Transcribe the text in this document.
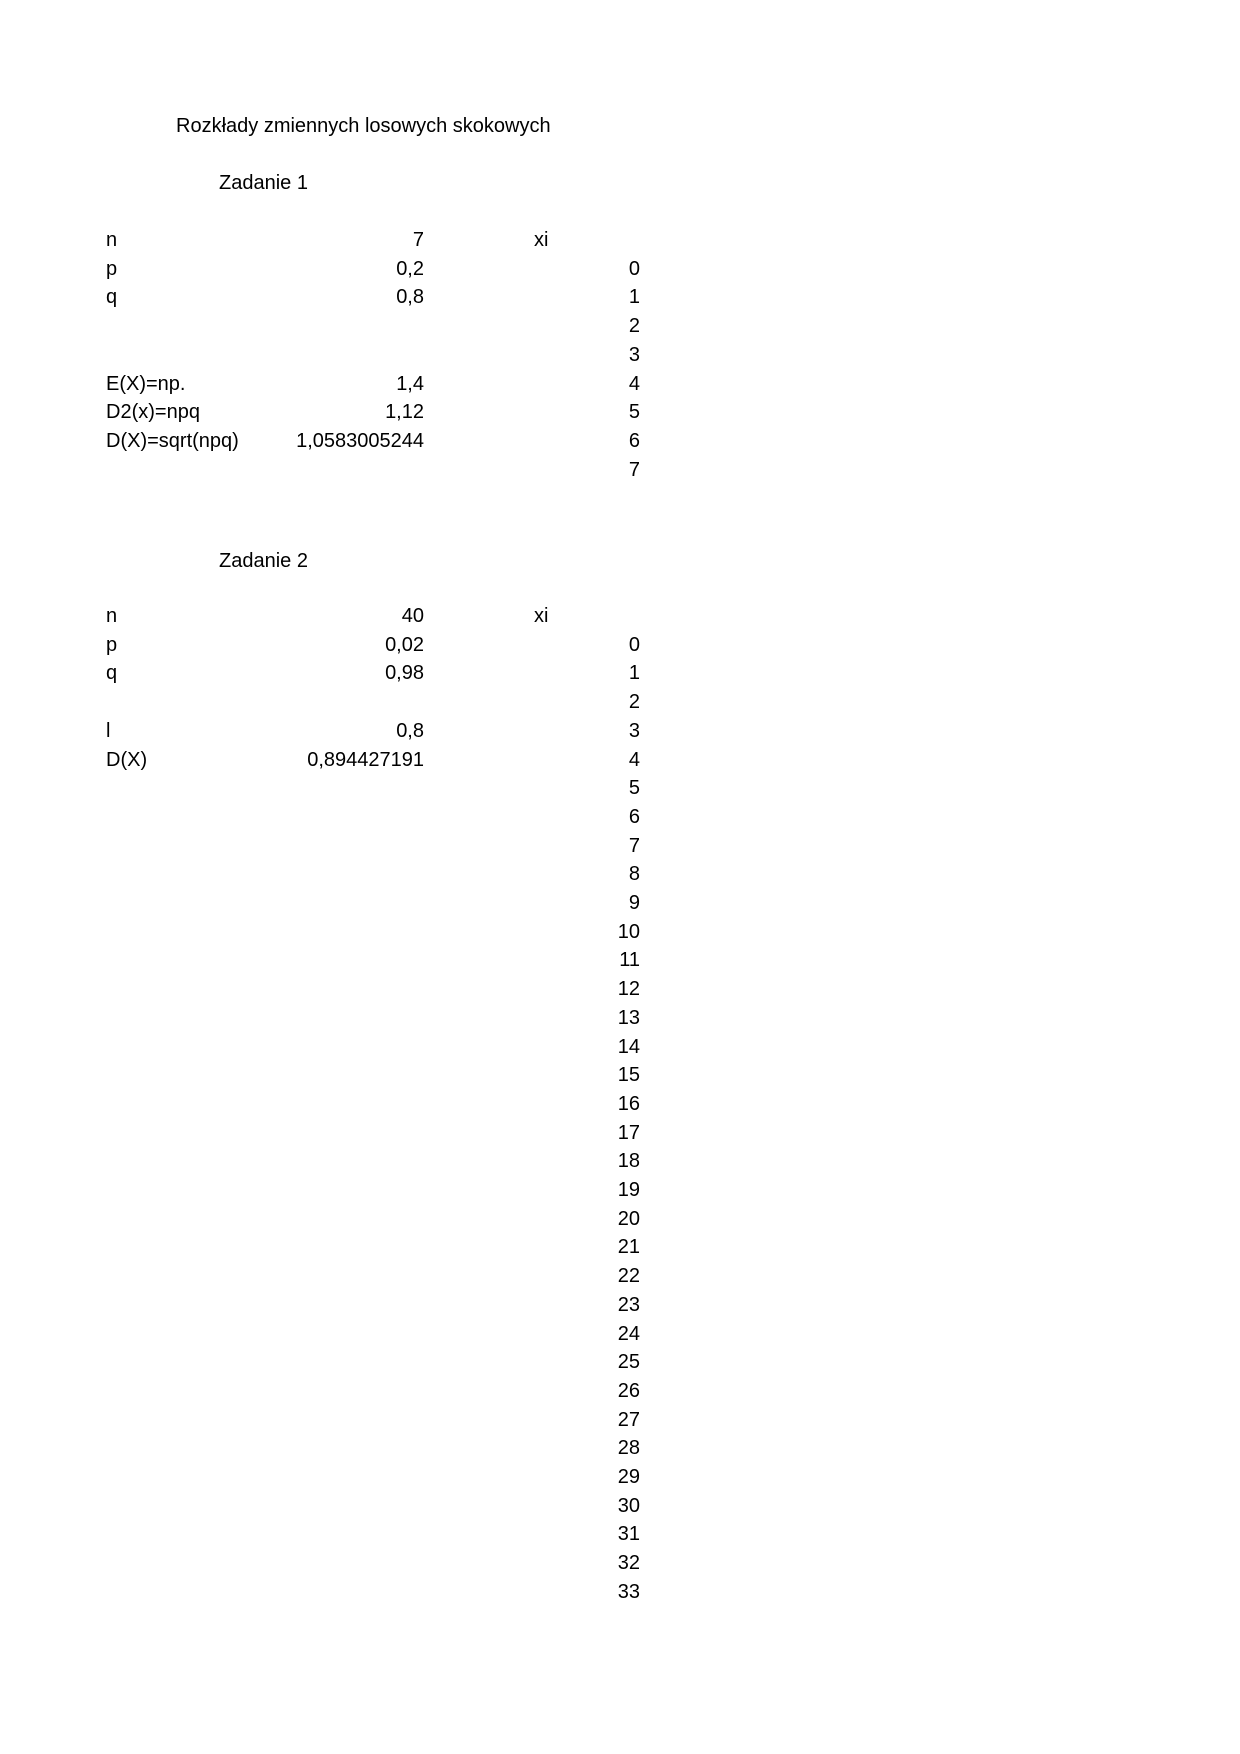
Rozkłady zmiennych losowych skokowych
Zadanie 1
Zadanie 2
n	7
p	0,2
q	0,8
E(X)=np.	1,4
D2(x)=npq	1,12
D(X)=sqrt(npq)	1,0583005244
xi
0
1
2
3
4
5
6
7
n	40
p	0,02
q	0,98
l	0,8
D(X)	0,894427191
xi
0
1
2
3
4
5
6
7
8
9
10
11
12
13
14
15
16
17
18
19
20
21
22
23
24
25
26
27
28
29
30
31
32
33
